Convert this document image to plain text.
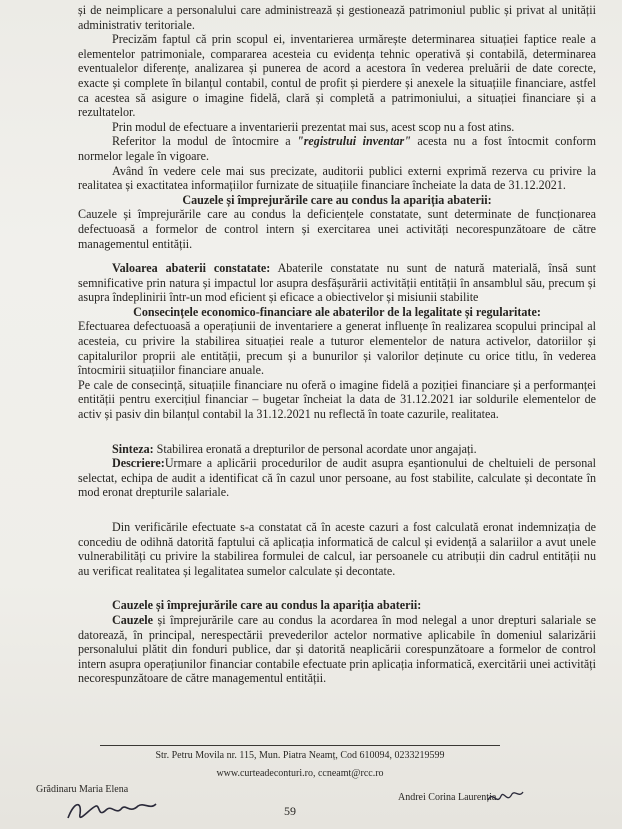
și de neimplicare a personalului care administrează și gestionează patrimoniul public și privat al unității administrativ teritoriale.

Precizăm faptul că prin scopul ei, inventarierea urmărește determinarea situației faptice reale a elementelor patrimoniale, compararea acesteia cu evidența tehnic operativă și contabilă, determinarea eventualelor diferențe, analizarea și punerea de acord a acestora în vederea preluării de date corecte, exacte și complete în bilanțul contabil, contul de profit și pierdere și anexele la situațiile financiare, astfel ca acestea să asigure o imagine fidelă, clară și completă a patrimoniului, a situației financiare și a rezultatelor.

Prin modul de efectuare a inventarierii prezentat mai sus, acest scop nu a fost atins.

Referitor la modul de întocmire a "registrului inventar" acesta nu a fost întocmit conform normelor legale în vigoare.

Având în vedere cele mai sus precizate, auditorii publici externi exprimă rezerva cu privire la realitatea și exactitatea informațiilor furnizate de situațiile financiare încheiate la data de 31.12.2021.

Cauzele și împrejurările care au condus la apariția abaterii:

Cauzele și împrejurările care au condus la deficiențele constatate, sunt determinate de funcționarea defectuoasă a formelor de control intern și exercitarea unei activități necorespunzătoare de către managementul entității.

Valoarea abaterii constatate: Abaterile constatate nu sunt de natură materială, însă sunt semnificative prin natura și impactul lor asupra desfășurării activității entității în ansamblul său, precum și asupra îndeplinirii într-un mod eficient și eficace a obiectivelor și misiunii stabilite

Consecințele economico-financiare ale abaterilor de la legalitate și regularitate:

Efectuarea defectuoasă a operațiunii de inventariere a generat influențe în realizarea scopului principal al acesteia, cu privire la stabilirea situației reale a tuturor elementelor de natura activelor, datoriilor și capitalurilor proprii ale entității, precum și a bunurilor și valorilor deținute cu orice titlu, în vederea întocmirii situațiilor financiare anuale.

Pe cale de consecință, situațiile financiare nu oferă o imagine fidelă a poziției financiare și a performanței entității pentru exercițiul financiar – bugetar încheiat la data de 31.12.2021 iar soldurile elementelor de activ și pasiv din bilanțul contabil la 31.12.2021 nu reflectă în toate cazurile, realitatea.

Sinteza: Stabilirea eronată a drepturilor de personal acordate unor angajați.

Descriere:Urmare a aplicării procedurilor de audit asupra eșantionului de cheltuieli de personal selectat, echipa de audit a identificat că în cazul unor persoane, au fost stabilite, calculate și decontate în mod eronat drepturile salariale.

Din verificările efectuate s-a constatat că în aceste cazuri a fost calculată eronat indemnizația de concediu de odihnă datorită faptului că aplicația informatică de calcul și evidență a salariilor a avut unele vulnerabilități cu privire la stabilirea formulei de calcul, iar persoanele cu atribuții din cadrul entității nu au verificat realitatea și legalitatea sumelor calculate și decontate.

Cauzele și împrejurările care au condus la apariția abaterii:

Cauzele și împrejurările care au condus la acordarea în mod nelegal a unor drepturi salariale se datorează, în principal, nerespectării prevederilor actelor normative aplicabile în domeniul salarizării personalului plătit din fonduri publice, dar și datorită neaplicării corespunzătoare a formelor de control intern asupra operațiunilor financiar contabile efectuate prin aplicația informatică, exercitării unei activități necorespunzătoare de către managementul entității.

Str. Petru Movila nr. 115, Mun. Piatra Neamț, Cod 610094, 0233219599
www.curteadeconturi.ro, ccneamt@rcc.ro
Grădinaru Maria Elena
Andrei Corina Laurenția
59
